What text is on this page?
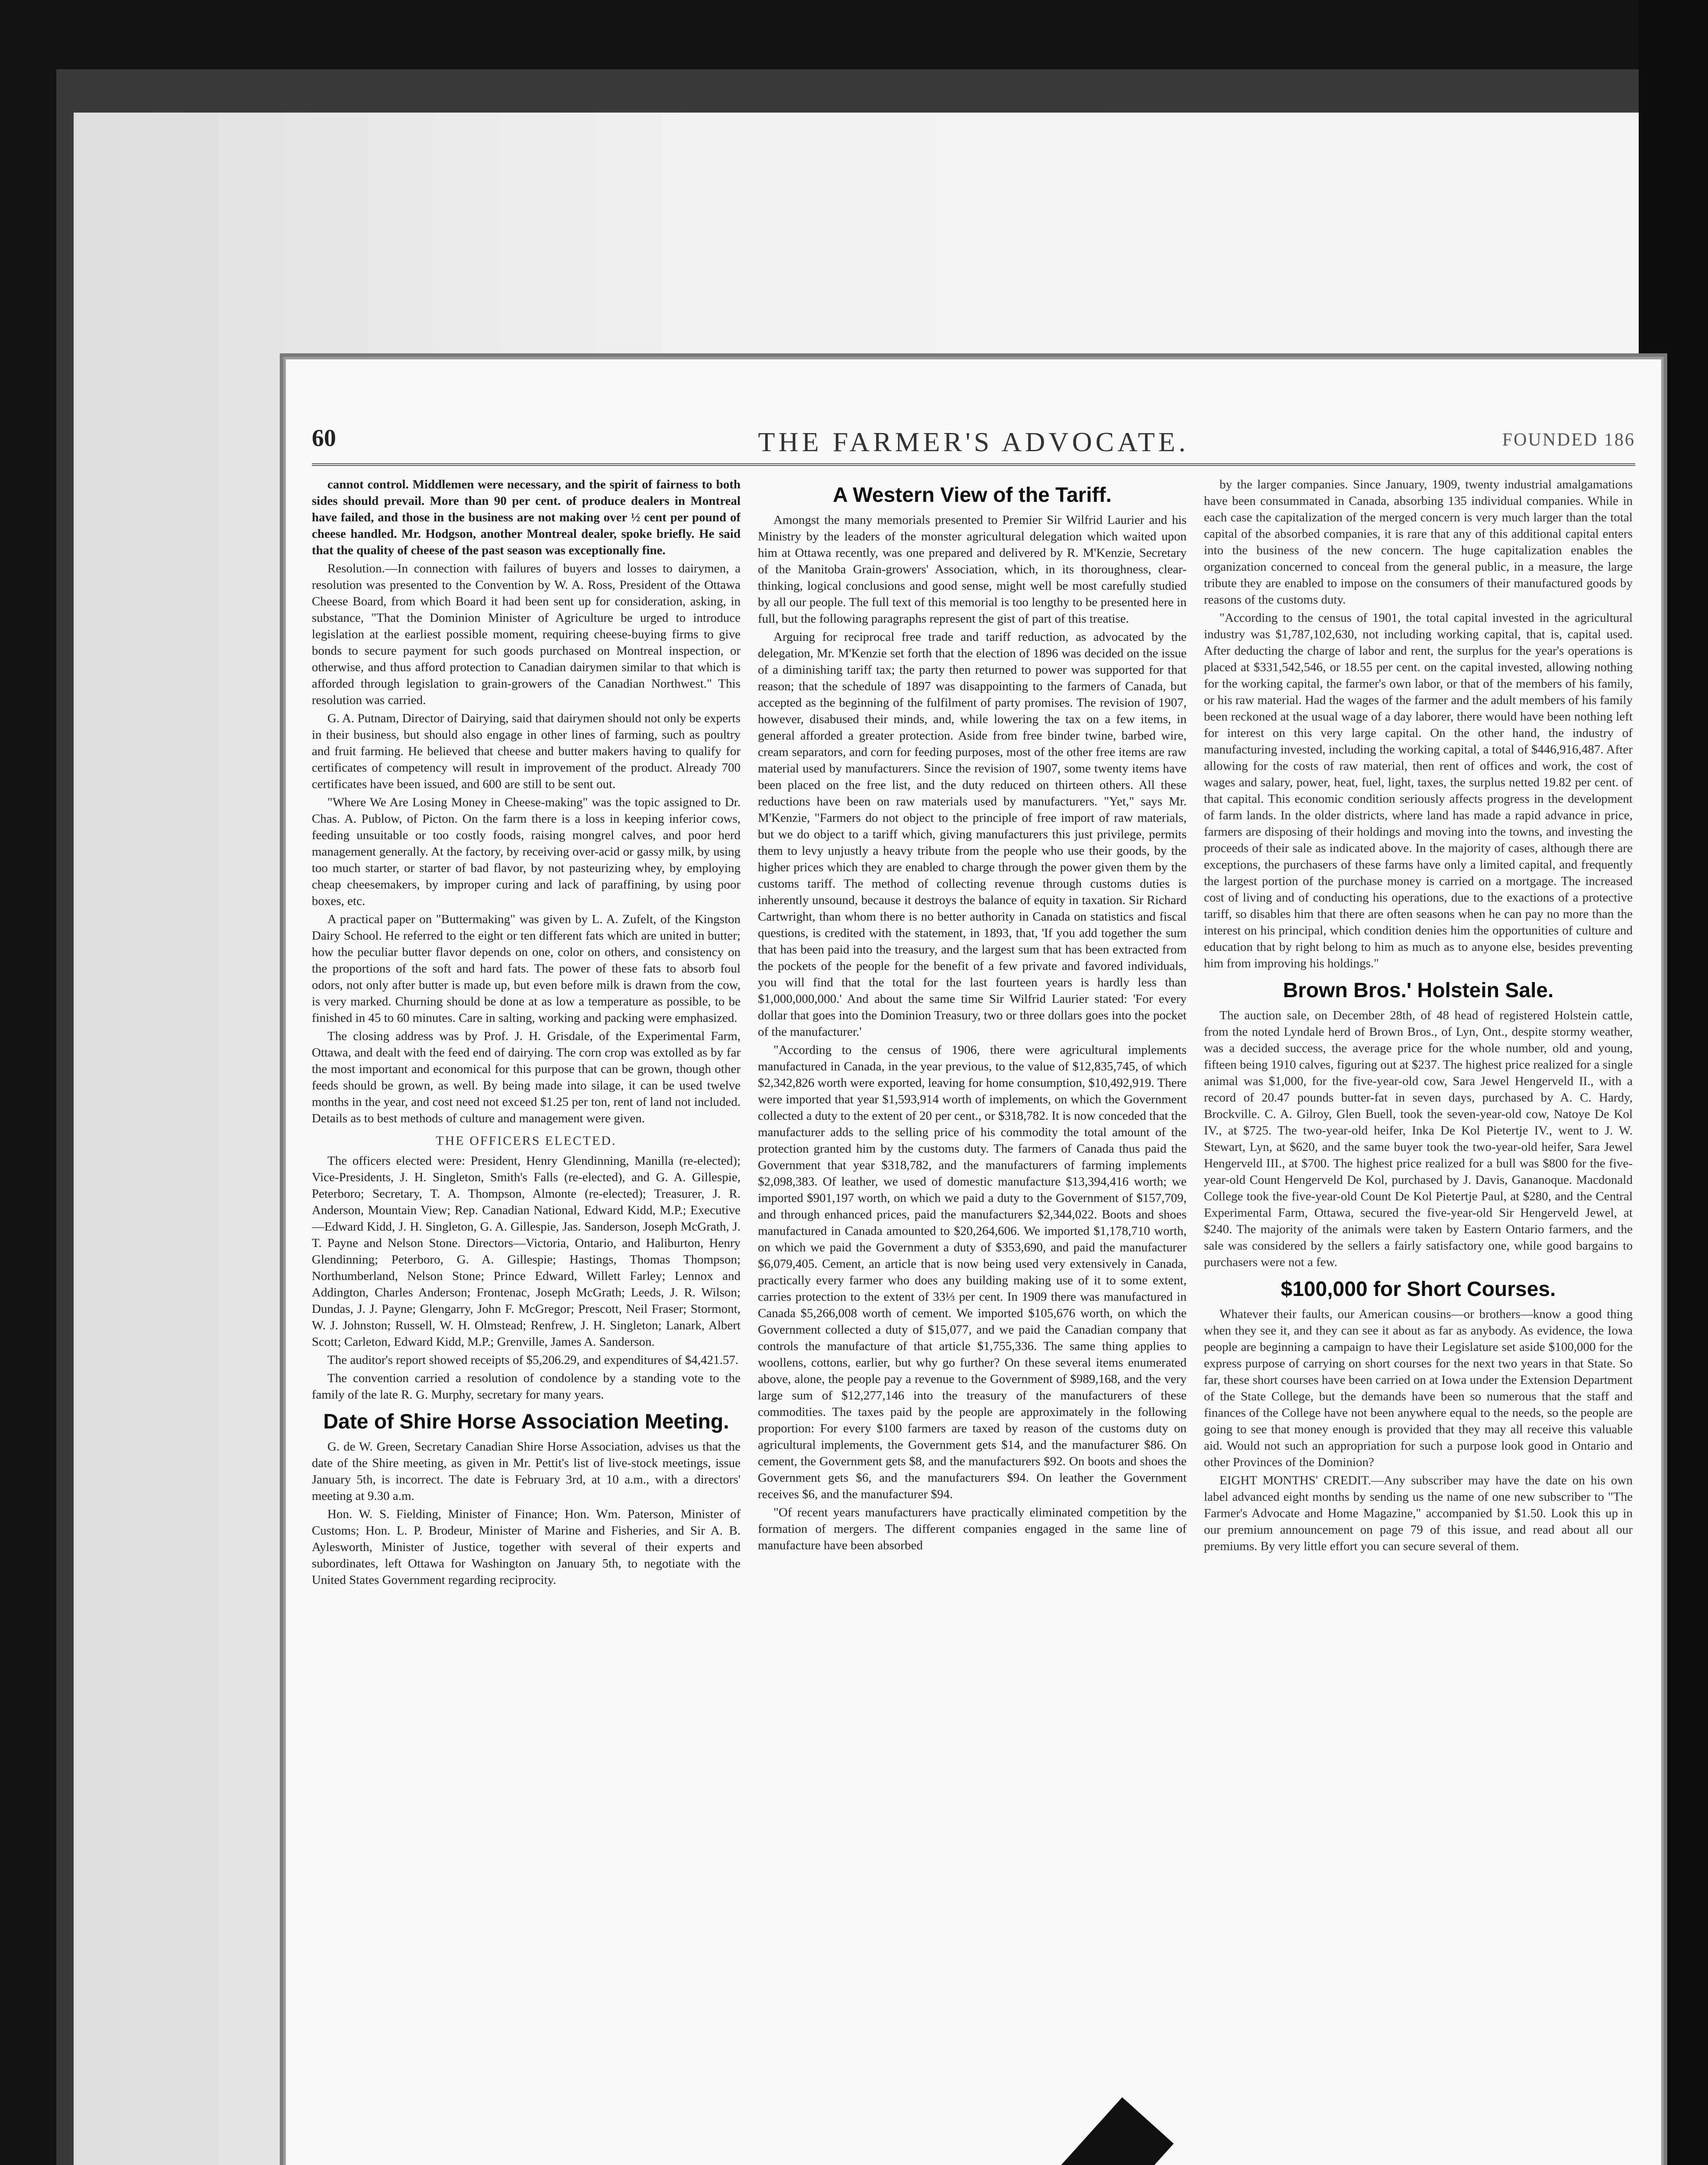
60	THE FARMER'S ADVOCATE.	FOUNDED 186

cannot control. Middlemen were necessary, and the spirit of fairness to both sides should prevail. More than 90 per cent. of produce dealers in Montreal have failed, and those in the business are not making over ½ cent per pound of cheese handled. Mr. Hodgson, another Montreal dealer, spoke briefly. He said that the quality of cheese of the past season was exceptionally fine.

Resolution.—In connection with failures of buyers and losses to dairymen, a resolution was presented to the Convention by W. A. Ross, President of the Ottawa Cheese Board, from which Board it had been sent up for consideration, asking, in substance, "That the Dominion Minister of Agriculture be urged to introduce legislation at the earliest possible moment, requiring cheese-buying firms to give bonds to secure payment for such goods purchased on Montreal inspection, or otherwise, and thus afford protection to Canadian dairymen similar to that which is afforded through legislation to grain-growers of the Canadian Northwest." This resolution was carried.

G. A. Putnam, Director of Dairying, said that dairymen should not only be experts in their business, but should also engage in other lines of farming, such as poultry and fruit farming. He believed that cheese and butter makers having to qualify for certificates of competency will result in improvement of the product. Already 700 certificates have been issued, and 600 are still to be sent out.

"Where We Are Losing Money in Cheese-making" was the topic assigned to Dr. Chas. A. Publow, of Picton. On the farm there is a loss in keeping inferior cows, feeding unsuitable or too costly foods, raising mongrel calves, and poor herd management generally. At the factory, by receiving over-acid or gassy milk, by using too much starter, or starter of bad flavor, by not pasteurizing whey, by employing cheap cheesemakers, by improper curing and lack of paraffining, by using poor boxes, etc.

A practical paper on "Buttermaking" was given by L. A. Zufelt, of the Kingston Dairy School. He referred to the eight or ten different fats which are united in butter; how the peculiar butter flavor depends on one, color on others, and consistency on the proportions of the soft and hard fats. The power of these fats to absorb foul odors, not only after butter is made up, but even before milk is drawn from the cow, is very marked. Churning should be done at as low a temperature as possible, to be finished in 45 to 60 minutes. Care in salting, working and packing were emphasized.

The closing address was by Prof. J. H. Grisdale, of the Experimental Farm, Ottawa, and dealt with the feed end of dairying. The corn crop was extolled as by far the most important and economical for this purpose that can be grown, though other feeds should be grown, as well. By being made into silage, it can be used twelve months in the year, and cost need not exceed $1.25 per ton, rent of land not included. Details as to best methods of culture and management were given.

THE OFFICERS ELECTED.

The officers elected were: President, Henry Glendinning, Manilla (re-elected); Vice-Presidents, J. H. Singleton, Smith's Falls (re-elected), and G. A. Gillespie, Peterboro; Secretary, T. A. Thompson, Almonte (re-elected); Treasurer, J. R. Anderson, Mountain View; Rep. Canadian National, Edward Kidd, M.P.; Executive—Edward Kidd, J. H. Singleton, G. A. Gillespie, Jas. Sanderson, Joseph McGrath, J. T. Payne and Nelson Stone. Directors—Victoria, Ontario, and Haliburton, Henry Glendinning; Peterboro, G. A. Gillespie; Hastings, Thomas Thompson; Northumberland, Nelson Stone; Prince Edward, Willett Farley; Lennox and Addington, Charles Anderson; Frontenac, Joseph McGrath; Leeds, J. R. Wilson; Dundas, J. J. Payne; Glengarry, John F. McGregor; Prescott, Neil Fraser; Stormont, W. J. Johnston; Russell, W. H. Olmstead; Renfrew, J. H. Singleton; Lanark, Albert Scott; Carleton, Edward Kidd, M.P.; Grenville, James A. Sanderson.

The auditor's report showed receipts of $5,206.29, and expenditures of $4,421.57.

The convention carried a resolution of condolence by a standing vote to the family of the late R. G. Murphy, secretary for many years.

Date of Shire Horse Association Meeting.

G. de W. Green, Secretary Canadian Shire Horse Association, advises us that the date of the Shire meeting, as given in Mr. Pettit's list of live-stock meetings, issue January 5th, is incorrect. The date is February 3rd, at 10 a.m., with a directors' meeting at 9.30 a.m.

Hon. W. S. Fielding, Minister of Finance; Hon. Wm. Paterson, Minister of Customs; Hon. L. P. Brodeur, Minister of Marine and Fisheries, and Sir A. B. Aylesworth, Minister of Justice, together with several of their experts and subordinates, left Ottawa for Washington on January 5th, to negotiate with the United States Government regarding reciprocity.

A Western View of the Tariff.

Amongst the many memorials presented to Premier Sir Wilfrid Laurier and his Ministry by the leaders of the monster agricultural delegation which waited upon him at Ottawa recently, was one prepared and delivered by R. M'Kenzie, Secretary of the Manitoba Grain-growers' Association, which, in its thoroughness, clear-thinking, logical conclusions and good sense, might well be most carefully studied by all our people. The full text of this memorial is too lengthy to be presented here in full, but the following paragraphs represent the gist of part of this treatise.

Arguing for reciprocal free trade and tariff reduction, as advocated by the delegation, Mr. M'Kenzie set forth that the election of 1896 was decided on the issue of a diminishing tariff tax; the party then returned to power was supported for that reason; that the schedule of 1897 was disappointing to the farmers of Canada, but accepted as the beginning of the fulfilment of party promises. The revision of 1907, however, disabused their minds, and, while lowering the tax on a few items, in general afforded a greater protection. Aside from free binder twine, barbed wire, cream separators, and corn for feeding purposes, most of the other free items are raw material used by manufacturers. Since the revision of 1907, some twenty items have been placed on the free list, and the duty reduced on thirteen others. All these reductions have been on raw materials used by manufacturers. "Yet," says Mr. M'Kenzie, "Farmers do not object to the principle of free import of raw materials, but we do object to a tariff which, giving manufacturers this just privilege, permits them to levy unjustly a heavy tribute from the people who use their goods, by the higher prices which they are enabled to charge through the power given them by the customs tariff. The method of collecting revenue through customs duties is inherently unsound, because it destroys the balance of equity in taxation. Sir Richard Cartwright, than whom there is no better authority in Canada on statistics and fiscal questions, is credited with the statement, in 1893, that, 'If you add together the sum that has been paid into the treasury, and the largest sum that has been extracted from the pockets of the people for the benefit of a few private and favored individuals, you will find that the total for the last fourteen years is hardly less than $1,000,000,000.' And about the same time Sir Wilfrid Laurier stated: 'For every dollar that goes into the Dominion Treasury, two or three dollars goes into the pocket of the manufacturer.'

"According to the census of 1906, there were agricultural implements manufactured in Canada, in the year previous, to the value of $12,835,745, of which $2,342,826 worth were exported, leaving for home consumption, $10,492,919. There were imported that year $1,593,914 worth of implements, on which the Government collected a duty to the extent of 20 per cent., or $318,782. It is now conceded that the manufacturer adds to the selling price of his commodity the total amount of the protection granted him by the customs duty. The farmers of Canada thus paid the Government that year $318,782, and the manufacturers of farming implements $2,098,383. Of leather, we used of domestic manufacture $13,394,416 worth; we imported $901,197 worth, on which we paid a duty to the Government of $157,709, and through enhanced prices, paid the manufacturers $2,344,022. Boots and shoes manufactured in Canada amounted to $20,264,606. We imported $1,178,710 worth, on which we paid the Government a duty of $353,690, and paid the manufacturer $6,079,405. Cement, an article that is now being used very extensively in Canada, practically every farmer who does any building making use of it to some extent, carries protection to the extent of 33⅓ per cent. In 1909 there was manufactured in Canada $5,266,008 worth of cement. We imported $105,676 worth, on which the Government collected a duty of $15,077, and we paid the Canadian company that controls the manufacture of that article $1,755,336. The same thing applies to woollens, cottons, earlier, but why go further? On these several items enumerated above, alone, the people pay a revenue to the Government of $989,168, and the very large sum of $12,277,146 into the treasury of the manufacturers of these commodities. The taxes paid by the people are approximately in the following proportion: For every $100 farmers are taxed by reason of the customs duty on agricultural implements, the Government gets $14, and the manufacturer $86. On cement, the Government gets $8, and the manufacturers $92. On boots and shoes the Government gets $6, and the manufacturers $94. On leather the Government receives $6, and the manufacturer $94.

"Of recent years manufacturers have practically eliminated competition by the formation of mergers. The different companies engaged in the same line of manufacture have been absorbed

by the larger companies. Since January, 1909, twenty industrial amalgamations have been consummated in Canada, absorbing 135 individual companies. While in each case the capitalization of the merged concern is very much larger than the total capital of the absorbed companies, it is rare that any of this additional capital enters into the business of the new concern. The huge capitalization enables the organization concerned to conceal from the general public, in a measure, the large tribute they are enabled to impose on the consumers of their manufactured goods by reasons of the customs duty.

"According to the census of 1901, the total capital invested in the agricultural industry was $1,787,102,630, not including working capital, that is, capital used. After deducting the charge of labor and rent, the surplus for the year's operations is placed at $331,542,546, or 18.55 per cent. on the capital invested, allowing nothing for the working capital, the farmer's own labor, or that of the members of his family, or his raw material. Had the wages of the farmer and the adult members of his family been reckoned at the usual wage of a day laborer, there would have been nothing left for interest on this very large capital. On the other hand, the industry of manufacturing invested, including the working capital, a total of $446,916,487. After allowing for the costs of raw material, then rent of offices and work, the cost of wages and salary, power, heat, fuel, light, taxes, the surplus netted 19.82 per cent. of that capital. This economic condition seriously affects progress in the development of farm lands. In the older districts, where land has made a rapid advance in price, farmers are disposing of their holdings and moving into the towns, and investing the proceeds of their sale as indicated above. In the majority of cases, although there are exceptions, the purchasers of these farms have only a limited capital, and frequently the largest portion of the purchase money is carried on a mortgage. The increased cost of living and of conducting his operations, due to the exactions of a protective tariff, so disables him that there are often seasons when he can pay no more than the interest on his principal, which condition denies him the opportunities of culture and education that by right belong to him as much as to anyone else, besides preventing him from improving his holdings."

Brown Bros.' Holstein Sale.

The auction sale, on December 28th, of 48 head of registered Holstein cattle, from the noted Lyndale herd of Brown Bros., of Lyn, Ont., despite stormy weather, was a decided success, the average price for the whole number, old and young, fifteen being 1910 calves, figuring out at $237. The highest price realized for a single animal was $1,000, for the five-year-old cow, Sara Jewel Hengerveld II., with a record of 20.47 pounds butter-fat in seven days, purchased by A. C. Hardy, Brockville. C. A. Gilroy, Glen Buell, took the seven-year-old cow, Natoye De Kol IV., at $725. The two-year-old heifer, Inka De Kol Pietertje IV., went to J. W. Stewart, Lyn, at $620, and the same buyer took the two-year-old heifer, Sara Jewel Hengerveld III., at $700. The highest price realized for a bull was $800 for the five-year-old Count Hengerveld De Kol, purchased by J. Davis, Gananoque. Macdonald College took the five-year-old Count De Kol Pietertje Paul, at $280, and the Central Experimental Farm, Ottawa, secured the five-year-old Sir Hengerveld Jewel, at $240. The majority of the animals were taken by Eastern Ontario farmers, and the sale was considered by the sellers a fairly satisfactory one, while good bargains to purchasers were not a few.

$100,000 for Short Courses.

Whatever their faults, our American cousins—or brothers—know a good thing when they see it, and they can see it about as far as anybody. As evidence, the Iowa people are beginning a campaign to have their Legislature set aside $100,000 for the express purpose of carrying on short courses for the next two years in that State. So far, these short courses have been carried on at Iowa under the Extension Department of the State College, but the demands have been so numerous that the staff and finances of the College have not been anywhere equal to the needs, so the people are going to see that money enough is provided that they may all receive this valuable aid. Would not such an appropriation for such a purpose look good in Ontario and other Provinces of the Dominion?

EIGHT MONTHS' CREDIT.—Any subscriber may have the date on his own label advanced eight months by sending us the name of one new subscriber to "The Farmer's Advocate and Home Magazine," accompanied by $1.50. Look this up in our premium announcement on page 79 of this issue, and read about all our premiums. By very little effort you can secure several of them.
